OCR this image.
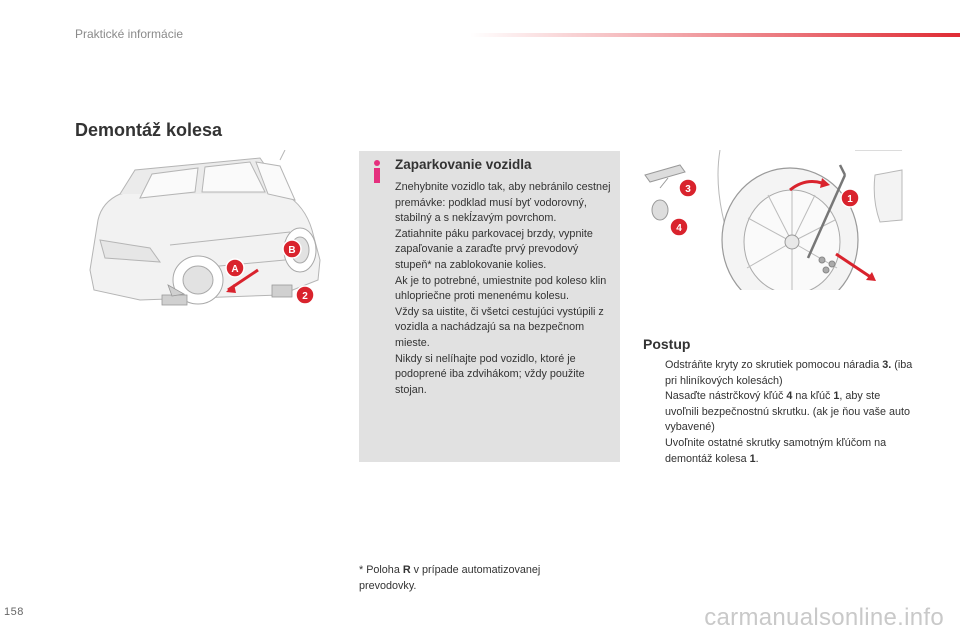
Praktické informácie
Demontáž kolesa
A
B
2
Zaparkovanie vozidla

Znehybnite vozidlo tak, aby nebránilo cestnej premávke: podklad musí byť vodorovný, stabilný a s nekĺzavým povrchom.

Zatiahnite páku parkovacej brzdy, vypnite zapaľovanie a zaraďte prvý prevodový stupeň* na zablokovanie kolies.

Ak je to potrebné, umiestnite pod koleso klin uhlopriečne proti menenému kolesu.

Vždy sa uistite, či všetci cestujúci vystúpili z vozidla a nachádzajú sa na bezpečnom mieste.

Nikdy si nelíhajte pod vozidlo, ktoré je podoprené iba zdvihákom; vždy použite stojan.

3
4
1
Postup
Odstráňte kryty zo skrutiek pomocou náradia 3. (iba pri hliníkových kolesách)
Nasaďte nástrčkový kľúč 4 na kľúč 1, aby ste uvoľnili bezpečnostnú skrutku. (ak je ňou vaše auto vybavené)
Uvoľnite ostatné skrutky samotným kľúčom na demontáž kolesa 1.
* Poloha R v prípade automatizovanej prevodovky.
158	carmanualsonline.info
